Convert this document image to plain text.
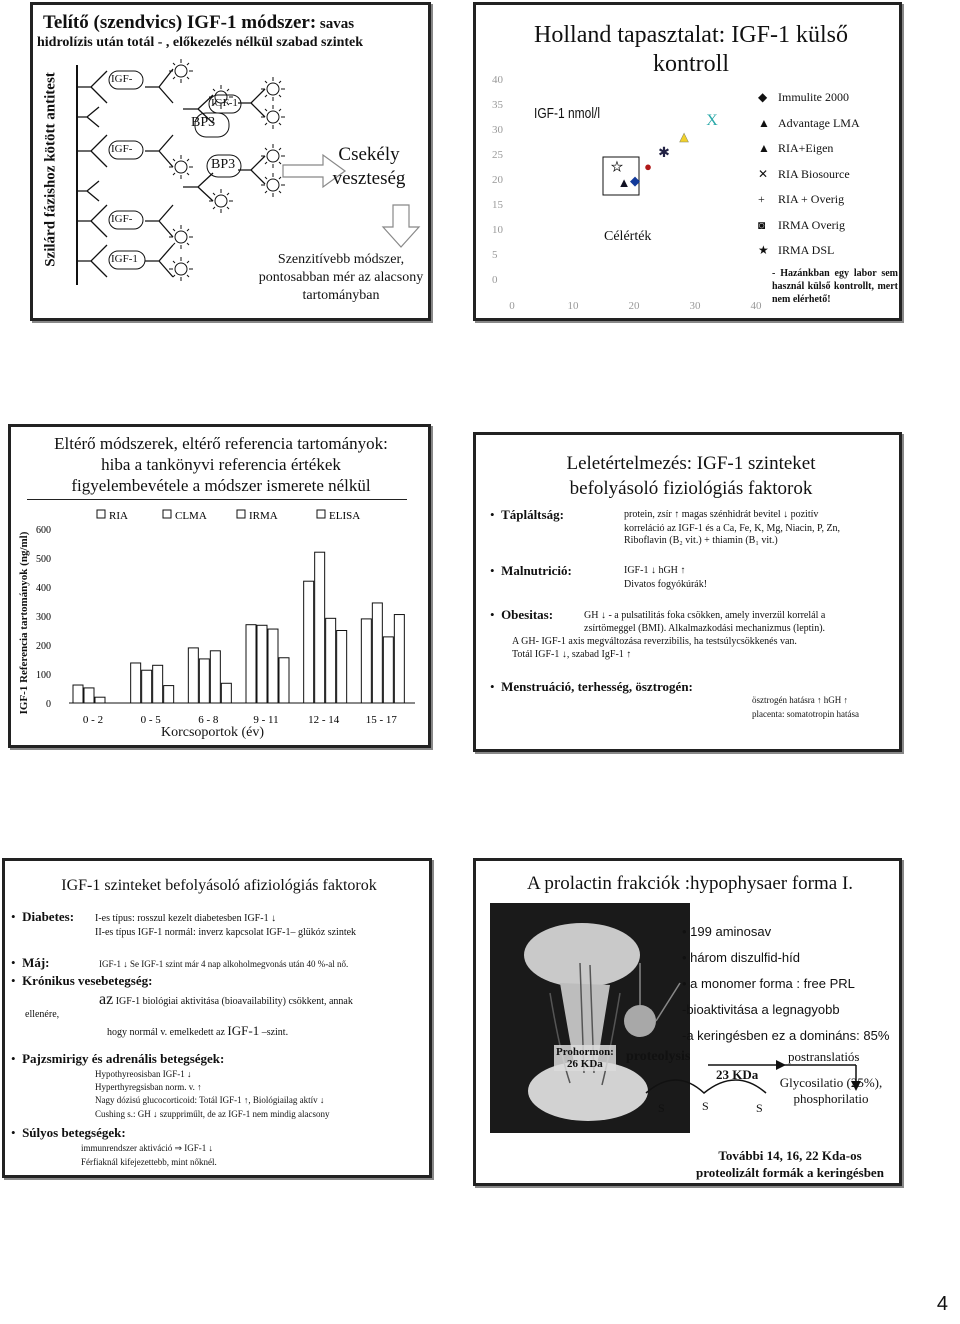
Telítő (szendvics) IGF-1 módszer: savas
hidrolízis után totál - , előkezelés nélkül szabad szintek
Szilárd fázishoz kötött antitest	IGF-
IGF-
IGF-
IGF-1
IGF-1
BP3
BP3	Csekély veszteség
Szenzitívebb módszer, pontosabban mér az alacsony tartományban
Holland tapasztalat: IGF-1 külső kontroll
40
35
30
25
20
15
10
5
0
0	10	20	30	40
★
▲ ◆
●
✱
▲
X
IGF-1 nmol/l
Célérték
◆ Immulite 2000
▲ Advantage LMA
▲ RIA+Eigen
✕ RIA Biosource
+ RIA + Overig
◙ IRMA Overig
★ IRMA DSL
- Hazánkban egy labor sem használ külső kontrollt, mert nem elérhető!
Eltérő módszerek, eltérő referencia tartományok:
hiba a tankönyvi referencia értékek
figyelembevétele a módszer ismerete nélkül
IGF-1 Referencia tartományok (ng/ml)
600
500
400
300
200
100
0
RIA	CLMA	IRMA	ELISA
0 - 2	0 - 5	6 - 8	9 - 11	12 - 14 15 - 17
Korcsoportok (év)
Leletértelmezés: IGF-1 szinteket
befolyásoló fiziológiás faktorok
•  Tápláltság:	protein, zsír ↑ magas szénhidrát bevitel ↓ pozitív
korreláció az IGF-1 és a Ca, Fe, K, Mg, Niacin, P, Zn,
Riboflavin (B₂ vit.) + thiamin (B₁ vit.)
•  Malnutrició:	IGF-1 ↓ hGH ↑
Divatos fogyókúrák!
•  Obesitas:	GH ↓ - a pulsatilitás foka csökken, amely inverzül korrelál a
zsírtömeggel (BMI). Alkalmazkodási mechanizmus (leptin).
A GH- IGF-1 axis megváltozása reverzibilis, ha testsúlycsökkenés van.
Totál IGF-1 ↓, szabad IgF-1 ↑
•  Menstruáció, terhesség, ösztrogén:
ösztrogén hatásra ↑ hGH ↑
placenta: somatotropin hatása
IGF-1 szinteket befolyásoló afiziológiás faktorok
•  Diabetes: I-es típus: rosszul kezelt diabetesben IGF-1 ↓
II-es típus IGF-1 normál: inverz kapcsolat IGF-1– glükóz szintek
•  Máj:	IGF-1 ↓ Se IGF-1 szint már 4 nap alkoholmegvonás után 40 %-al nő.
•  Krónikus vesebetegség:
az IGF-1 biológiai aktivitása (bioavailability) csökkent, annak
ellenére,
hogy normál v. emelkedett az IGF-1 –szint.
•  Pajzsmirigy és adrenális betegségek:
Hypothyreosisban IGF-1 ↓
Hyperthyregsisban norm. v. ↑
Nagy dózisú glucocorticoid: Totál IGF-1 ↑, Biológiailag aktív ↓
Cushing s.: GH ↓ szuppriműlt, de az IGF-1 nem mindig alacsony
•  Súlyos betegségek:
immunrendszer aktiváció ⇒ IGF-1 ↓
Férfiaknál kifejezettebb, mint nőknél.
A prolactin frakciók :hypophysaer forma I.
• 199 aminosav
• három diszulfid-híd
• a monomer forma : free PRL
-bioaktivitása a legnagyobb
-a keringésben ez a domináns: 85%
Prohormon:
26 KDa	proteolysis
23 KDa
postranslatiós
Glycosilatio (25%),
phosphorilatio
S	S	S
További 14, 16, 22 Kda-os
proteolizált formák a keringésben
4
